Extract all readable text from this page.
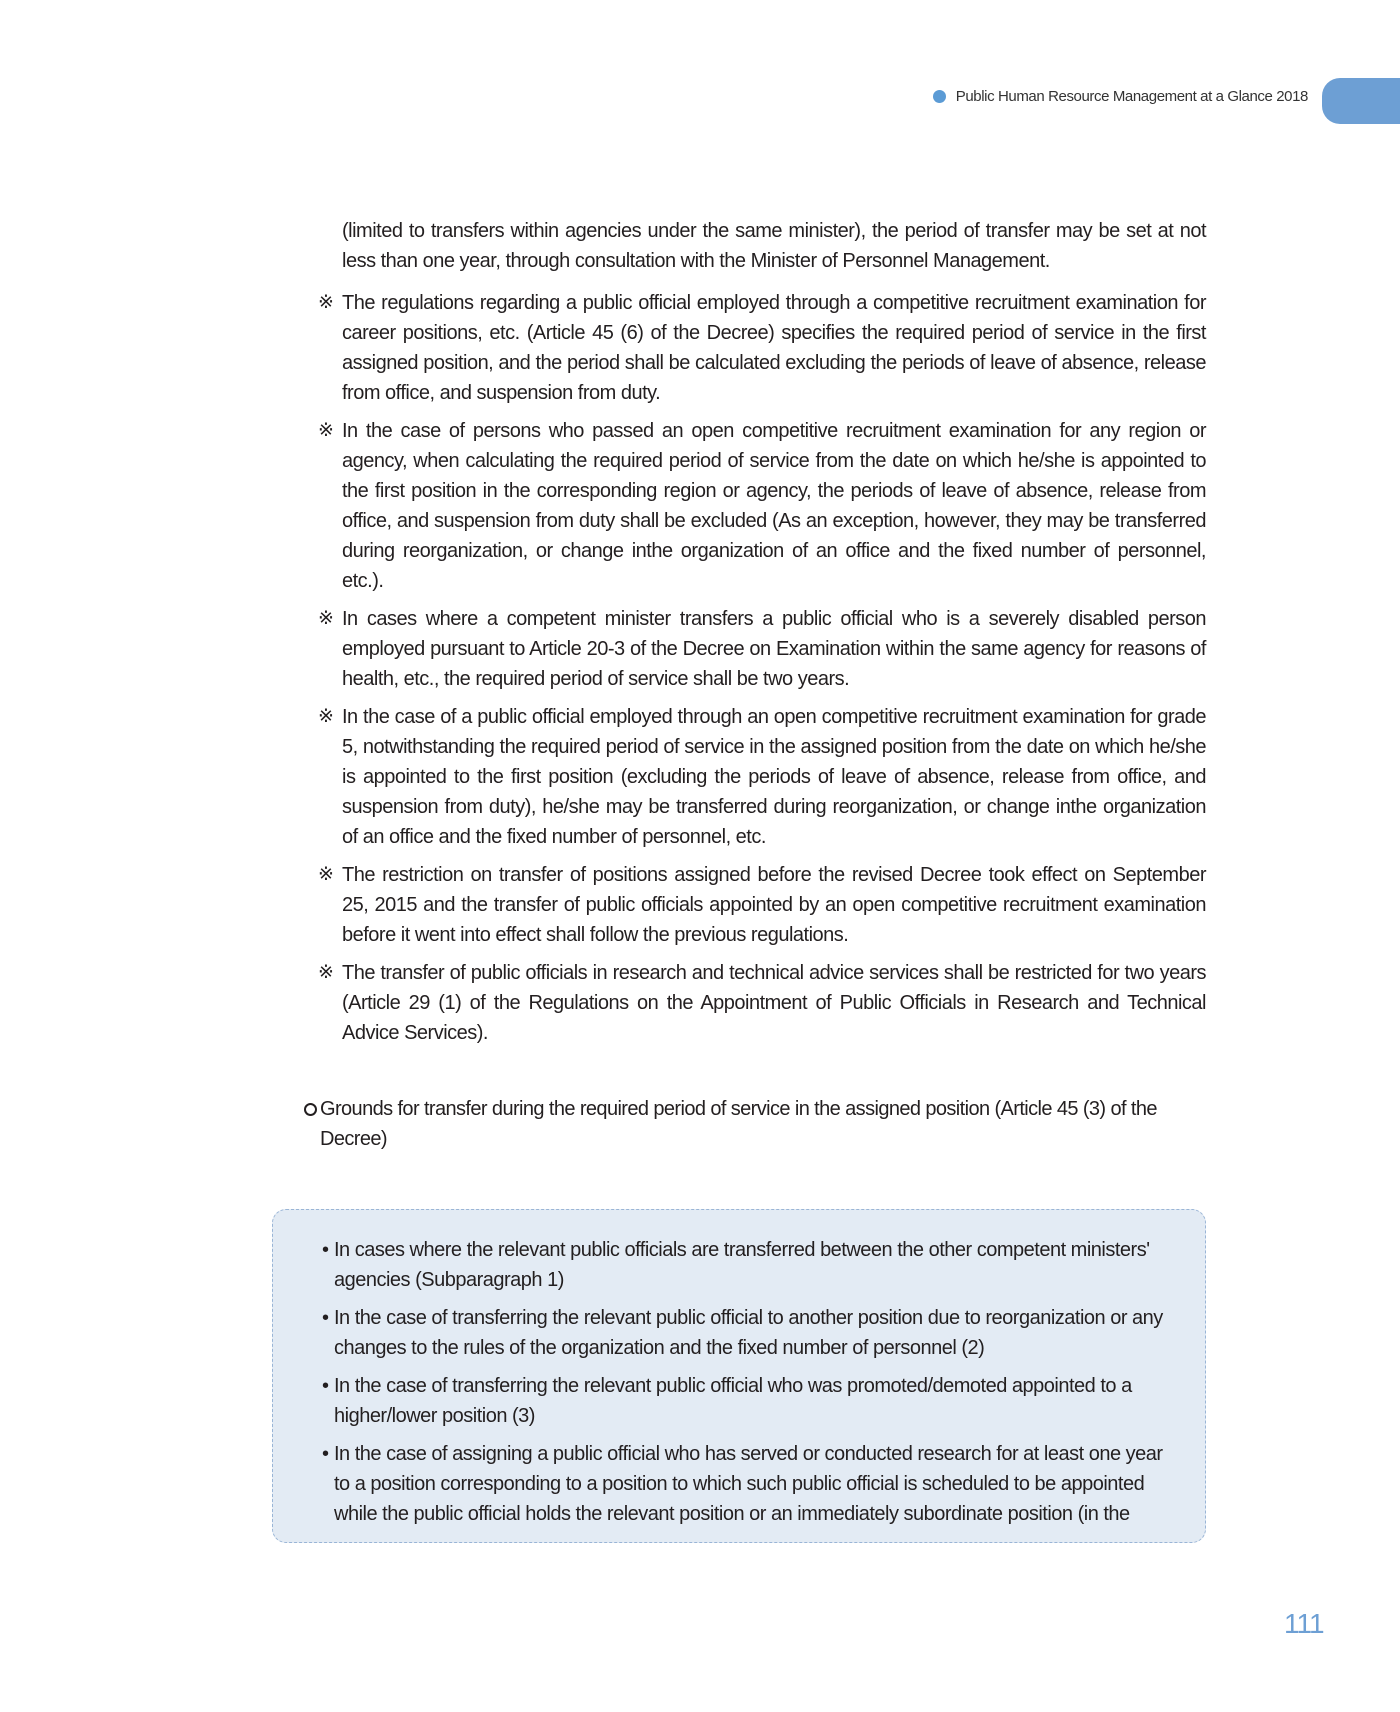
Public Human Resource Management at a Glance 2018

(limited to transfers within agencies under the same minister), the period of transfer may be set at not less than one year, through consultation with the Minister of Personnel Management.

※ The regulations regarding a public official employed through a competitive recruitment examination for career positions, etc. (Article 45 (6) of the Decree) specifies the required period of service in the first assigned position, and the period shall be calculated excluding the periods of leave of absence, release from office, and suspension from duty.
※ In the case of persons who passed an open competitive recruitment examination for any region or agency, when calculating the required period of service from the date on which he/she is appointed to the first position in the corresponding region or agency, the periods of leave of absence, release from office, and suspension from duty shall be excluded (As an exception, however, they may be transferred during reorganization, or change inthe organization of an office and the fixed number of personnel, etc.).
※ In cases where a competent minister transfers a public official who is a severely disabled person employed pursuant to Article 20-3 of the Decree on Examination within the same agency for reasons of health, etc., the required period of service shall be two years.
※ In the case of a public official employed through an open competitive recruitment examination for grade 5, notwithstanding the required period of service in the assigned position from the date on which he/she is appointed to the first position (excluding the periods of leave of absence, release from office, and suspension from duty), he/she may be transferred during reorganization, or change inthe organization of an office and the fixed number of personnel, etc.
※ The restriction on transfer of positions assigned before the revised Decree took effect on September 25, 2015 and the transfer of public officials appointed by an open competitive recruitment examination before it went into effect shall follow the previous regulations.
※ The transfer of public officials in research and technical advice services shall be restricted for two years (Article 29 (1) of the Regulations on the Appointment of Public Officials in Research and Technical Advice Services).
Grounds for transfer during the required period of service in the assigned position (Article 45 (3) of the Decree)
• In cases where the relevant public officials are transferred between the other competent ministers' agencies (Subparagraph 1)
• In the case of transferring the relevant public official to another position due to reorganization or any changes to the rules of the organization and the fixed number of personnel (2)
• In the case of transferring the relevant public official who was promoted/demoted appointed to a higher/lower position (3)
• In the case of assigning a public official who has served or conducted research for at least one year to a position corresponding to a position to which such public official is scheduled to be appointed while the public official holds the relevant position or an immediately subordinate position (in the
111
